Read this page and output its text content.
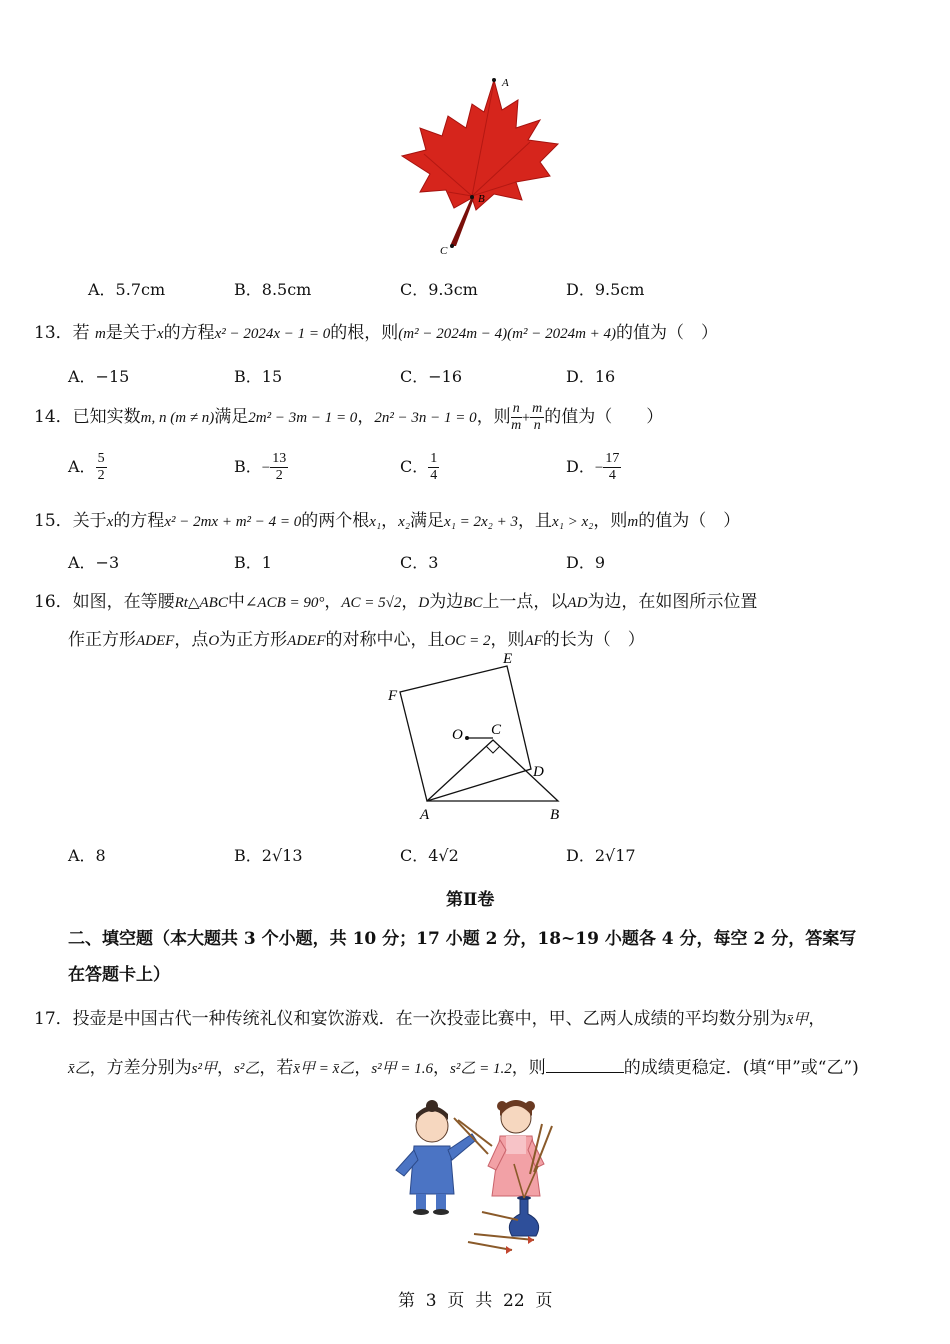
A
B
C
A．5.7cm	B．8.5cm	C．9.3cm	D．9.5cm
13．若 m是关于x的方程x² − 2024x − 1 = 0的根，则(m² − 2024m − 4)(m² − 2024m + 4)的值为（　）
A．−15	B．15	C．−16	D．16
14．已知实数m, n (m ≠ n)满足2m² − 3m − 1 = 0，2n² − 3n − 1 = 0，则 $\frac{n}{m} + \frac{m}{n}$ 的值为（　　）
A． $\frac{5}{2}$	B．− $\frac{13}{2}$	C． $\frac{1}{4}$	D．− $\frac{17}{4}$
15．关于x的方程x² − 2mx + m² − 4 = 0的两个根x₁，x₂满足x₁ = 2x₂ + 3，且x₁ > x₂，则m的值为（　）
A．−3	B．1	C．3	D．9
16．如图，在等腰Rt△ABC中∠ACB = 90°，AC = 5√2，D为边BC上一点，以AD为边，在如图所示位置
作正方形ADEF，点O为正方形ADEF的对称中心，且OC = 2，则AF的长为（　）
E
F
O C
D
A	B
A．8	B．2√13	C．4√2	D．2√17
第Ⅱ卷
二、填空题（本大题共 3 个小题，共 10 分；17 小题 2 分，18~19 小题各 4 分，每空 2 分，答案写
在答题卡上）
17．投壶是中国古代一种传统礼仪和宴饮游戏．在一次投壶比赛中，甲、乙两人成绩的平均数分别为x̄甲，
x̄乙，方差分别为s²甲，s²乙，若x̄甲 = x̄乙，s²甲 = 1.6，s²乙 = 1.2，则	的成绩更稳定．(填“甲”或“乙”)
第  3  页  共  22  页
